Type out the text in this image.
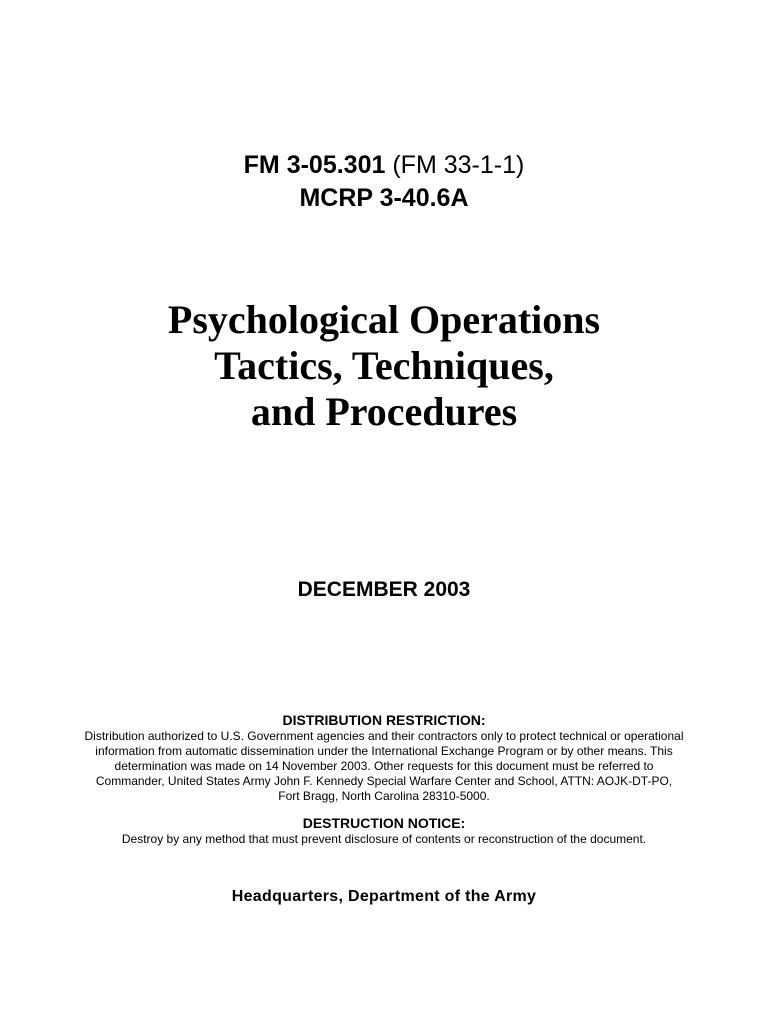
FM 3-05.301 (FM 33-1-1)
MCRP 3-40.6A
Psychological Operations
Tactics, Techniques,
and Procedures
DECEMBER 2003
DISTRIBUTION RESTRICTION:
Distribution authorized to U.S. Government agencies and their contractors only to protect technical or operational information from automatic dissemination under the International Exchange Program or by other means. This determination was made on 14 November 2003. Other requests for this document must be referred to Commander, United States Army John F. Kennedy Special Warfare Center and School, ATTN: AOJK-DT-PO, Fort Bragg, North Carolina 28310-5000.
DESTRUCTION NOTICE:
Destroy by any method that must prevent disclosure of contents or reconstruction of the document.
Headquarters, Department of the Army
